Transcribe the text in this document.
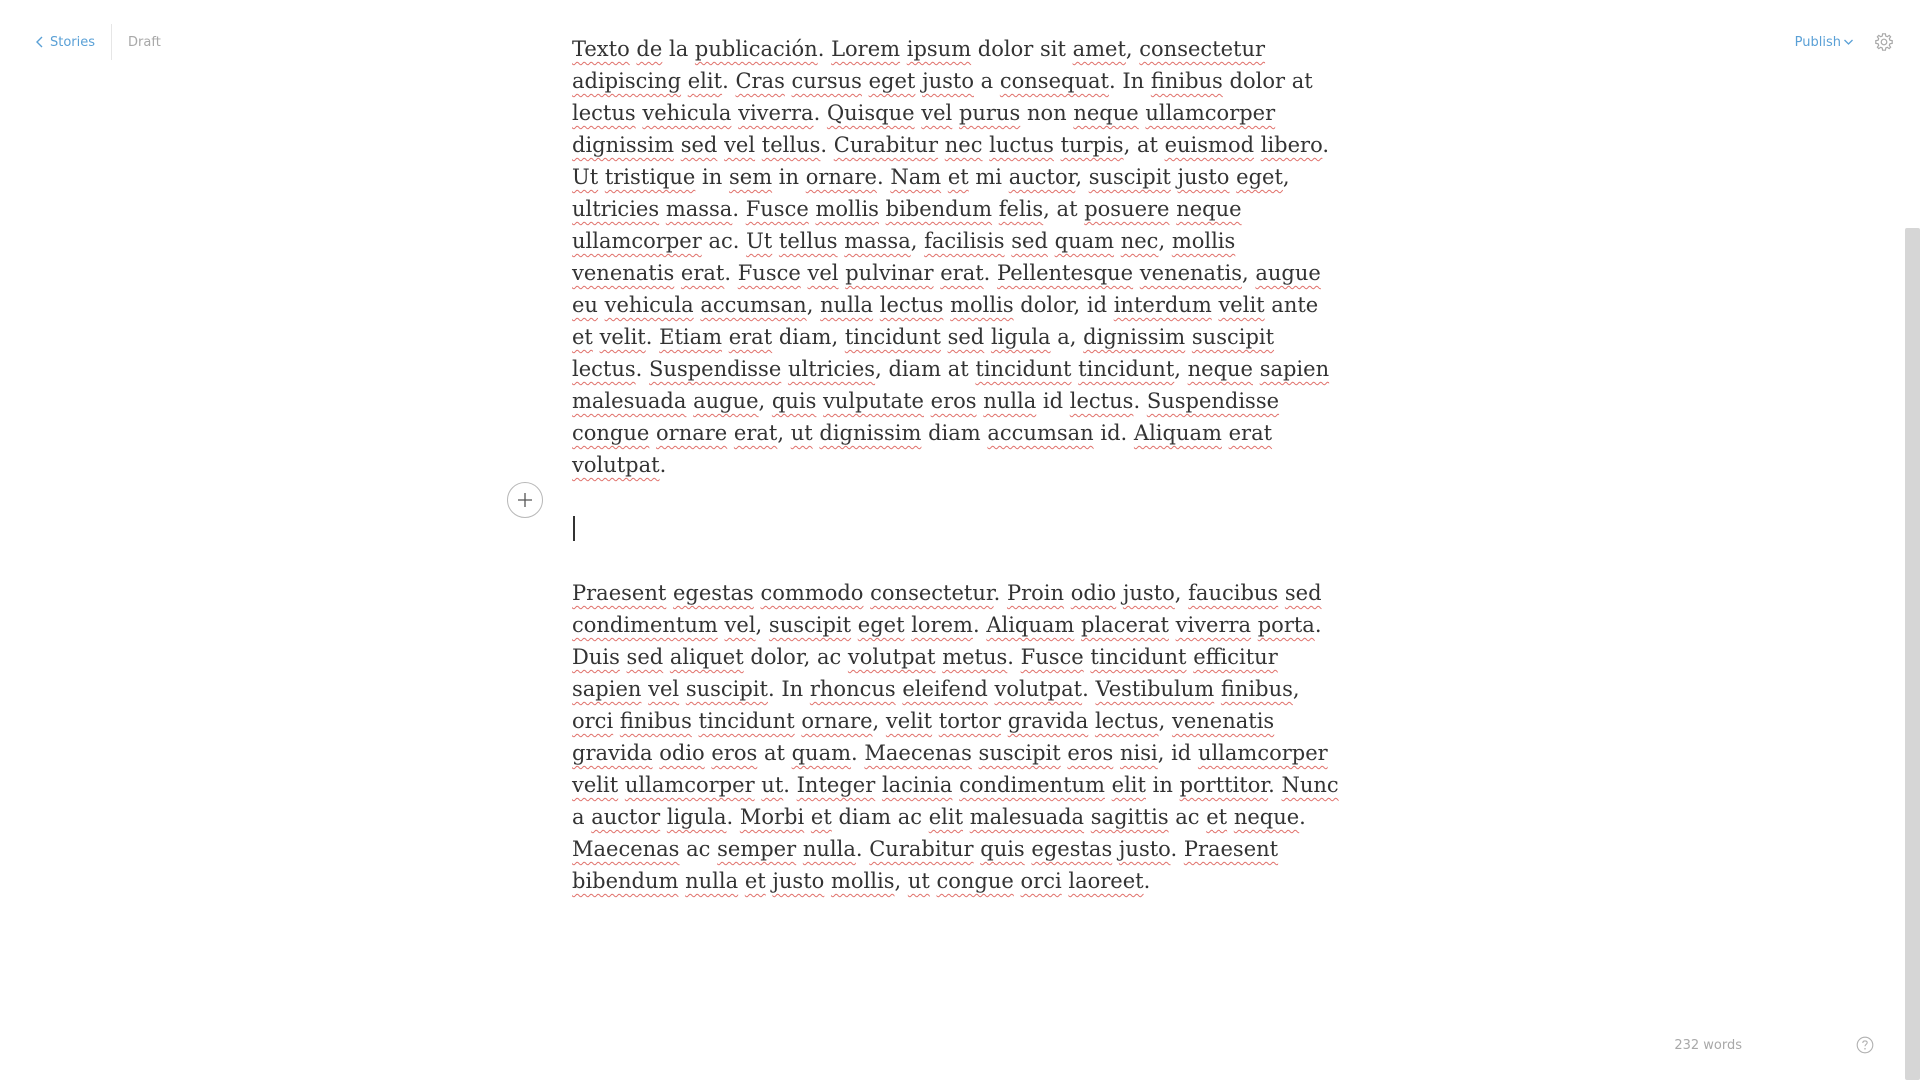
Stories	Draft	Publish

Texto de la publicación. Lorem ipsum dolor sit amet, consectetur adipiscing elit. Cras cursus eget justo a consequat. In finibus dolor at lectus vehicula viverra. Quisque vel purus non neque ullamcorper dignissim sed vel tellus. Curabitur nec luctus turpis, at euismod libero. Ut tristique in sem in ornare. Nam et mi auctor, suscipit justo eget, ultricies massa. Fusce mollis bibendum felis, at posuere neque ullamcorper ac. Ut tellus massa, facilisis sed quam nec, mollis venenatis erat. Fusce vel pulvinar erat. Pellentesque venenatis, augue eu vehicula accumsan, nulla lectus mollis dolor, id interdum velit ante et velit. Etiam erat diam, tincidunt sed ligula a, dignissim suscipit lectus. Suspendisse ultricies, diam at tincidunt tincidunt, neque sapien malesuada augue, quis vulputate eros nulla id lectus. Suspendisse congue ornare erat, ut dignissim diam accumsan id. Aliquam erat volutpat.

Praesent egestas commodo consectetur. Proin odio justo, faucibus sed condimentum vel, suscipit eget lorem. Aliquam placerat viverra porta. Duis sed aliquet dolor, ac volutpat metus. Fusce tincidunt efficitur sapien vel suscipit. In rhoncus eleifend volutpat. Vestibulum finibus, orci finibus tincidunt ornare, velit tortor gravida lectus, venenatis gravida odio eros at quam. Maecenas suscipit eros nisi, id ullamcorper velit ullamcorper ut. Integer lacinia condimentum elit in porttitor. Nunc a auctor ligula. Morbi et diam ac elit malesuada sagittis ac et neque. Maecenas ac semper nulla. Curabitur quis egestas justo. Praesent bibendum nulla et justo mollis, ut congue orci laoreet.

232 words
